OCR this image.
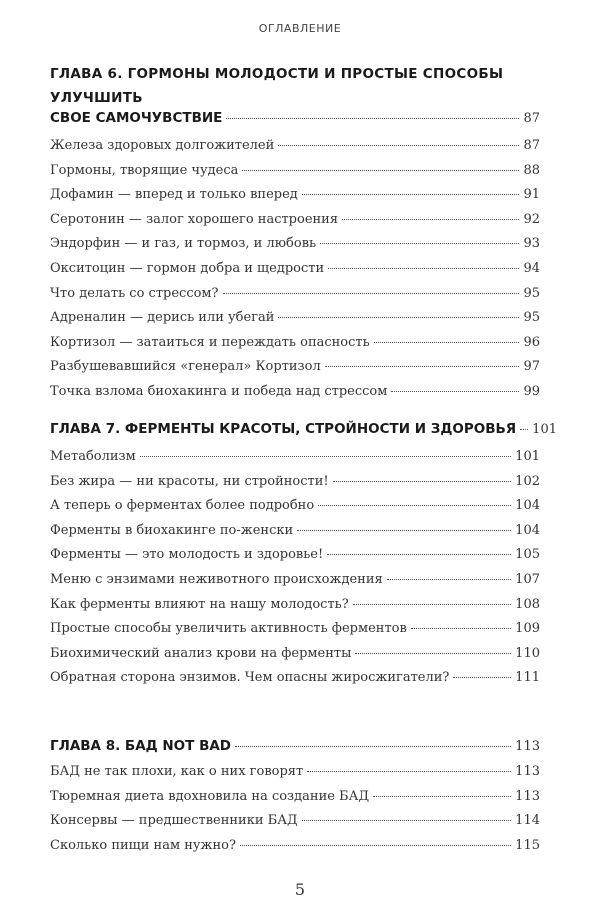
ОГЛАВЛЕНИЕ
ГЛАВА 6. ГОРМОНЫ МОЛОДОСТИ И ПРОСТЫЕ СПОСОБЫ УЛУЧШИТЬ
СВОЕ САМОЧУВСТВИЕ	87
Железа здоровых долгожителей	87
Гормоны, творящие чудеса	88
Дофамин — вперед и только вперед	91
Серотонин — залог хорошего настроения	92
Эндорфин — и газ, и тормоз, и любовь	93
Окситоцин — гормон добра и щедрости	94
Что делать со стрессом?	95
Адреналин — дерись или убегай	95
Кортизол — затаиться и переждать опасность	96
Разбушевавшийся «генерал» Кортизол	97
Точка взлома биохакинга и победа над стрессом	99
ГЛАВА 7. ФЕРМЕНТЫ КРАСОТЫ, СТРОЙНОСТИ И ЗДОРОВЬЯ 101
Метаболизм	101
Без жира — ни красоты, ни стройности!	102
А теперь о ферментах более подробно	104
Ферменты в биохакинге по-женски	104
Ферменты — это молодость и здоровье!	105
Меню с энзимами неживотного происхождения	107
Как ферменты влияют на нашу молодость?	108
Простые способы увеличить активность ферментов	109
Биохимический анализ крови на ферменты	110
Обратная сторона энзимов. Чем опасны жиросжигатели?	111
ГЛАВА 8. БАД NOT BAD	113
БАД не так плохи, как о них говорят	113
Тюремная диета вдохновила на создание БАД	113
Консервы — предшественники БАД	114
Сколько пищи нам нужно?	115
5
